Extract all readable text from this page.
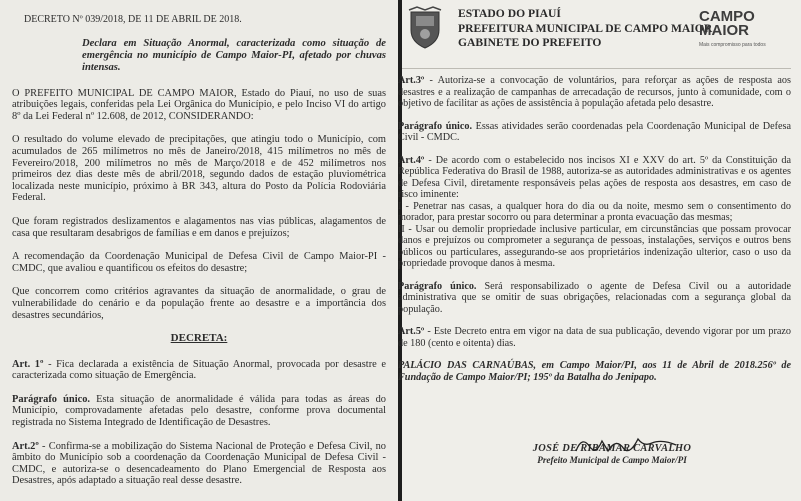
DECRETO Nº 039/2018, DE 11 DE ABRIL DE 2018.

Declara em Situação Anormal, caracterizada como situação de emergência no município de Campo Maior-PI, afetado por chuvas intensas.

O PREFEITO MUNICIPAL DE CAMPO MAIOR, Estado do Piauí, no uso de suas atribuições legais, conferidas pela Lei Orgânica do Município, e pelo Inciso VI do artigo 8º da Lei Federal nº 12.608, de 2012, CONSIDERANDO:

O resultado do volume elevado de precipitações, que atingiu todo o Município, com acumulados de 265 milímetros no mês de Janeiro/2018, 415 milímetros no mês de Fevereiro/2018, 200 milímetros no mês de Março/2018 e de 452 milímetros nos primeiros dez dias deste mês de abril/2018, segundo dados de estação pluviométrica localizada neste município, próximo à BR 343, altura do Posto da Polícia Rodoviária Federal.

Que foram registrados deslizamentos e alagamentos nas vias públicas, alagamentos de casa que resultaram desabrigos de famílias e em danos e prejuízos;

A recomendação da Coordenação Municipal de Defesa Civil de Campo Maior-PI - CMDC, que avaliou e quantificou os efeitos do desastre;

Que concorrem como critérios agravantes da situação de anormalidade, o grau de vulnerabilidade do cenário e da população frente ao desastre e a importância dos desastres secundários,

DECRETA:

Art. 1º - Fica declarada a existência de Situação Anormal, provocada por desastre e caracterizada como situação de Emergência.

Parágrafo único. Esta situação de anormalidade é válida para todas as áreas do Município, comprovadamente afetadas pelo desastre, conforme prova documental registrada no Sistema Integrado de Identificação de Desastres.

Art.2º - Confirma-se a mobilização do Sistema Nacional de Proteção e Defesa Civil, no âmbito do Município sob a coordenação da Coordenação Municipal de Defesa Civil - CMDC, e autoriza-se o desencadeamento do Plano Emergencial de Resposta aos Desastres, após adaptado a situação real desse desastre.

ESTADO DO PIAUÍ
PREFEITURA MUNICIPAL DE CAMPO MAIOR
GABINETE DO PREFEITO
CAMPO
MAIOR
Mais compromisso para todos

Art.3º - Autoriza-se a convocação de voluntários, para reforçar as ações de resposta aos desastres e a realização de campanhas de arrecadação de recursos, junto à comunidade, com o objetivo de facilitar as ações de assistência à população afetada pelo desastre.

Parágrafo único. Essas atividades serão coordenadas pela Coordenação Municipal de Defesa Civil - CMDC.

Art.4º - De acordo com o estabelecido nos incisos XI e XXV do art. 5º da Constituição da República Federativa do Brasil de 1988, autoriza-se as autoridades administrativas e os agentes de Defesa Civil, diretamente responsáveis pelas ações de resposta aos desastres, em caso de risco iminente:

I - Penetrar nas casas, a qualquer hora do dia ou da noite, mesmo sem o consentimento do morador, para prestar socorro ou para determinar a pronta evacuação das mesmas;

II - Usar ou demolir propriedade inclusive particular, em circunstâncias que possam provocar danos e prejuízos ou comprometer a segurança de pessoas, instalações, serviços e outros bens públicos ou particulares, assegurando-se aos proprietários indenização ulterior, caso o uso da propriedade provoque danos à mesma.

Parágrafo único. Será responsabilizado o agente de Defesa Civil ou a autoridade administrativa que se omitir de suas obrigações, relacionadas com a segurança global da população.

Art.5º - Este Decreto entra em vigor na data de sua publicação, devendo vigorar por um prazo de 180 (cento e oitenta) dias.

PALÁCIO DAS CARNAÚBAS, em Campo Maior/PI, aos 11 de Abril de 2018.256º de Fundação de Campo Maior/PI; 195º da Batalha do Jenipapo.

JOSÉ DE RIBAMAR CARVALHO
Prefeito Municipal de Campo Maior/PI
